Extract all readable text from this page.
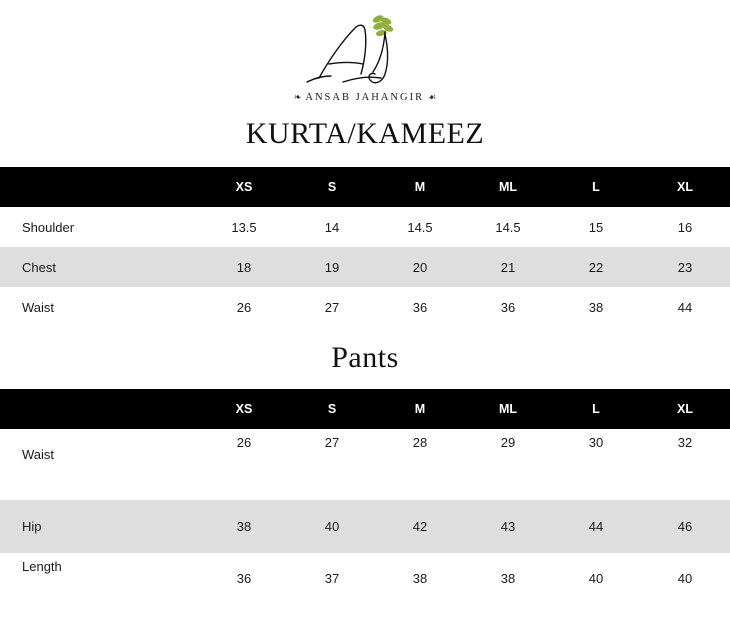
❧ ANSAB JAHANGIR ☙
KURTA/KAMEEZ
	XS	S	M	ML	L	XL
Shoulder	13.5	14	14.5	14.5	15	16
Chest	18	19	20	21	22	23
Waist	26	27	36	36	38	44
Pants
	XS	S	M	ML	L	XL
Waist	26	27	28	29	30	32
Hip	38	40	42	43	44	46
Length	36	37	38	38	40	40
